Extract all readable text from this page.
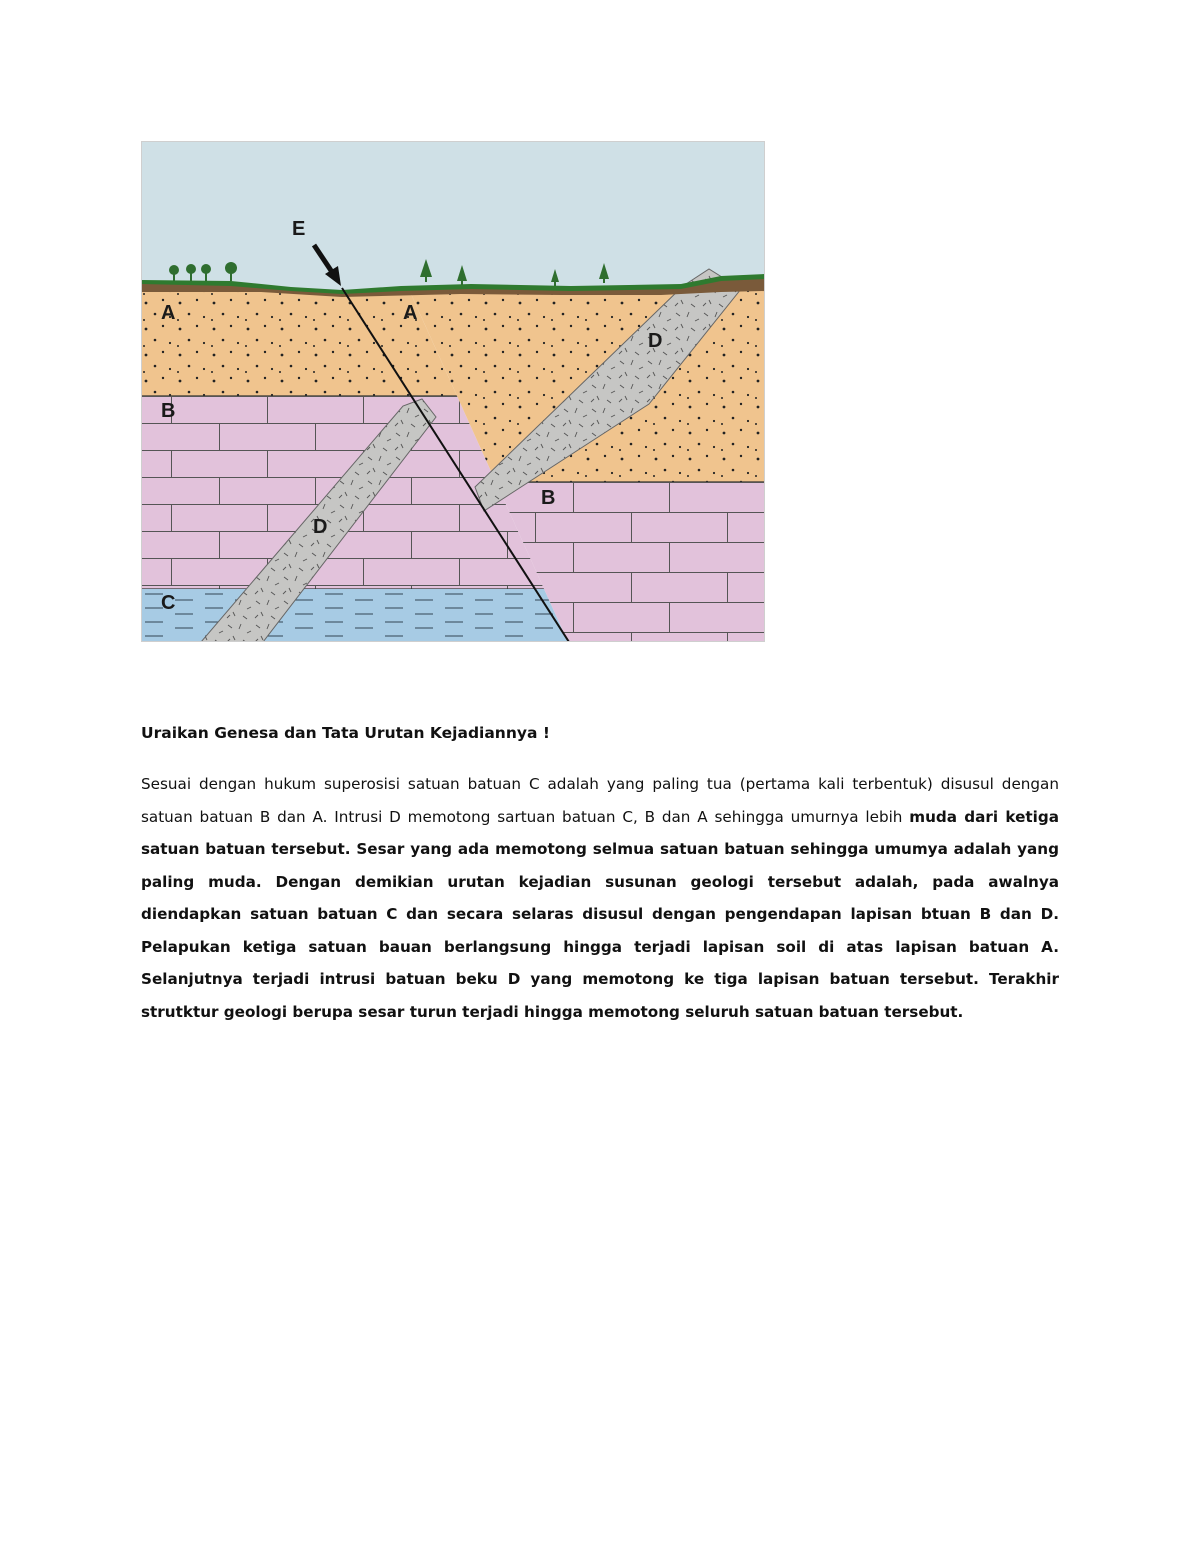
E
A	A
B
B
C
D
D
Uraikan Genesa dan Tata Urutan Kejadiannya !

Sesuai dengan hukum superosisi satuan batuan C adalah yang paling tua (pertama kali terbentuk) disusul dengan satuan batuan B dan A. Intrusi D memotong sartuan batuan C, B dan A sehingga umurnya lebih muda dari ketiga satuan batuan tersebut. Sesar yang ada memotong selmua satuan batuan sehingga umumya adalah yang paling muda. Dengan demikian urutan kejadian susunan geologi tersebut adalah, pada awalnya diendapkan satuan batuan C dan secara selaras disusul dengan pengendapan lapisan btuan B dan D. Pelapukan ketiga satuan bauan berlangsung hingga terjadi lapisan soil di atas lapisan batuan A. Selanjutnya terjadi intrusi batuan beku D yang memotong ke tiga lapisan batuan tersebut. Terakhir strutktur geologi berupa sesar turun terjadi hingga memotong seluruh satuan batuan tersebut.
